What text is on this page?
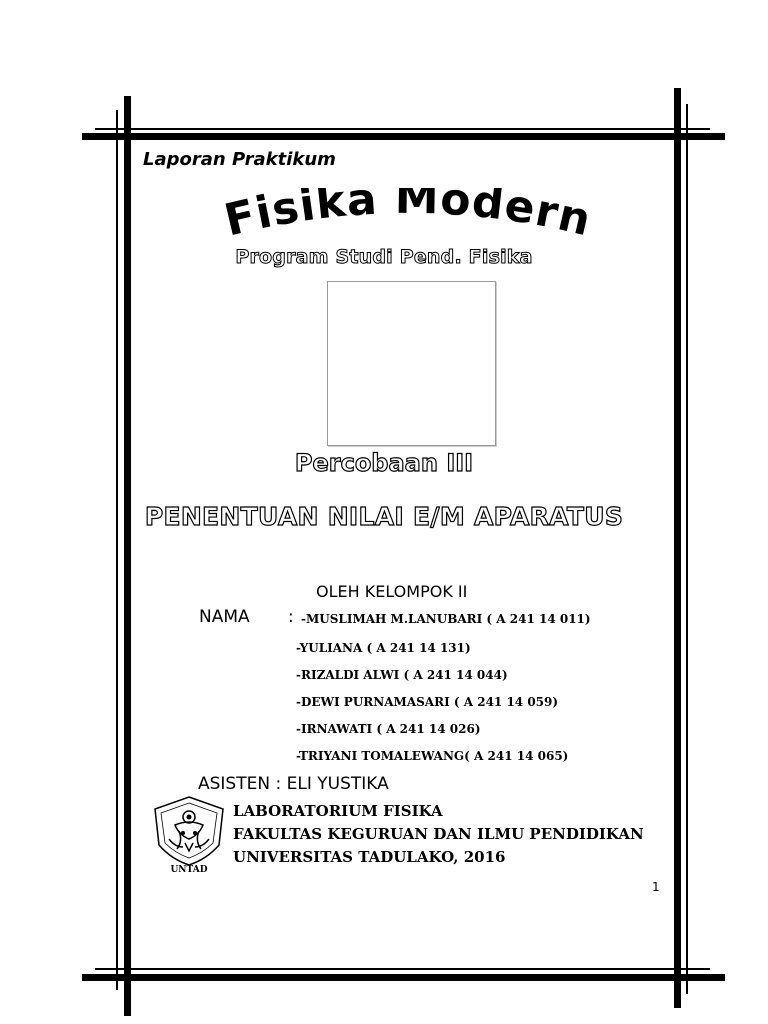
Laporan Praktikum
Fisika Modern
Program Studi Pend. Fisika
Percobaan III
PENENTUAN NILAI E/M APARATUS
OLEH KELOMPOK II
NAMA : -MUSLIMAH M.LANUBARI ( A 241 14 011)
-YULIANA ( A 241 14 131)
-RIZALDI ALWI ( A 241 14 044)
-DEWI PURNAMASARI ( A 241 14 059)
-IRNAWATI ( A 241 14 026)
-TRIYANI TOMALEWANG( A 241 14 065)
ASISTEN : ELI YUSTIKA
UNTAD
LABORATORIUM FISIKA
FAKULTAS KEGURUAN DAN ILMU PENDIDIKAN
UNIVERSITAS TADULAKO, 2016
1
